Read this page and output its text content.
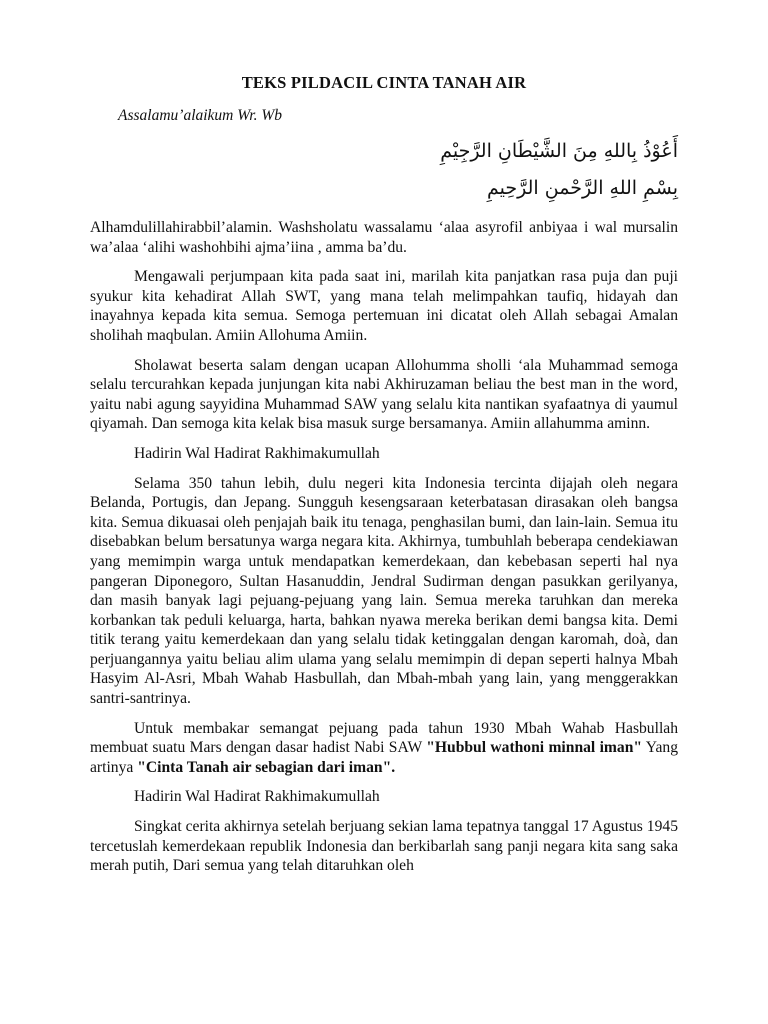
TEKS PILDACIL CINTA TANAH AIR
Assalamu’alaikum Wr. Wb
أَعُوْذُ بِاللهِ مِنَ الشَّيْطَانِ الرَّجِيْمِ
بِسْمِ اللهِ الرَّحْمنِ الرَّحِيمِ

Alhamdulillahirabbil’alamin. Washsholatu wassalamu ‘alaa asyrofil anbiyaa i wal mursalin wa’alaa ‘alihi washohbihi ajma’iina , amma ba’du.

Mengawali perjumpaan kita pada saat ini, marilah kita panjatkan rasa puja dan puji syukur kita kehadirat Allah SWT, yang mana telah melimpahkan taufiq, hidayah dan inayahnya kepada kita semua. Semoga pertemuan ini dicatat oleh Allah sebagai Amalan sholihah maqbulan. Amiin Allohuma Amiin.

Sholawat beserta salam dengan ucapan Allohumma sholli ‘ala Muhammad semoga selalu tercurahkan kepada junjungan kita nabi Akhiruzaman beliau the best man in the word, yaitu nabi agung sayyidina Muhammad SAW yang selalu kita nantikan syafaatnya di yaumul qiyamah. Dan semoga kita kelak bisa masuk surge bersamanya. Amiin allahumma aminn.

Hadirin Wal Hadirat Rakhimakumullah

Selama 350 tahun lebih, dulu negeri kita Indonesia tercinta dijajah oleh negara Belanda, Portugis, dan Jepang. Sungguh kesengsaraan keterbatasan dirasakan oleh bangsa kita. Semua dikuasai oleh penjajah baik itu tenaga, penghasilan bumi, dan lain-lain. Semua itu disebabkan belum bersatunya warga negara kita. Akhirnya, tumbuhlah beberapa cendekiawan yang memimpin warga untuk mendapatkan kemerdekaan, dan kebebasan seperti hal nya pangeran Diponegoro, Sultan Hasanuddin, Jendral Sudirman dengan pasukkan gerilyanya, dan masih banyak lagi pejuang-pejuang yang lain. Semua mereka taruhkan dan mereka korbankan tak peduli keluarga, harta, bahkan nyawa mereka berikan demi bangsa kita. Demi titik terang yaitu kemerdekaan dan yang selalu tidak ketinggalan dengan karomah, doà, dan perjuangannya yaitu beliau alim ulama yang selalu memimpin di depan seperti halnya Mbah Hasyim Al-Asri, Mbah Wahab Hasbullah, dan Mbah-mbah yang lain, yang menggerakkan santri-santrinya.

Untuk membakar semangat pejuang pada tahun 1930 Mbah Wahab Hasbullah membuat suatu Mars dengan dasar hadist Nabi SAW "Hubbul wathoni minnal iman" Yang artinya "Cinta Tanah air sebagian dari iman".

Hadirin Wal Hadirat Rakhimakumullah

Singkat cerita akhirnya setelah berjuang sekian lama tepatnya tanggal 17 Agustus 1945 tercetuslah kemerdekaan republik Indonesia dan berkibarlah sang panji negara kita sang saka merah putih, Dari semua yang telah ditaruhkan oleh
